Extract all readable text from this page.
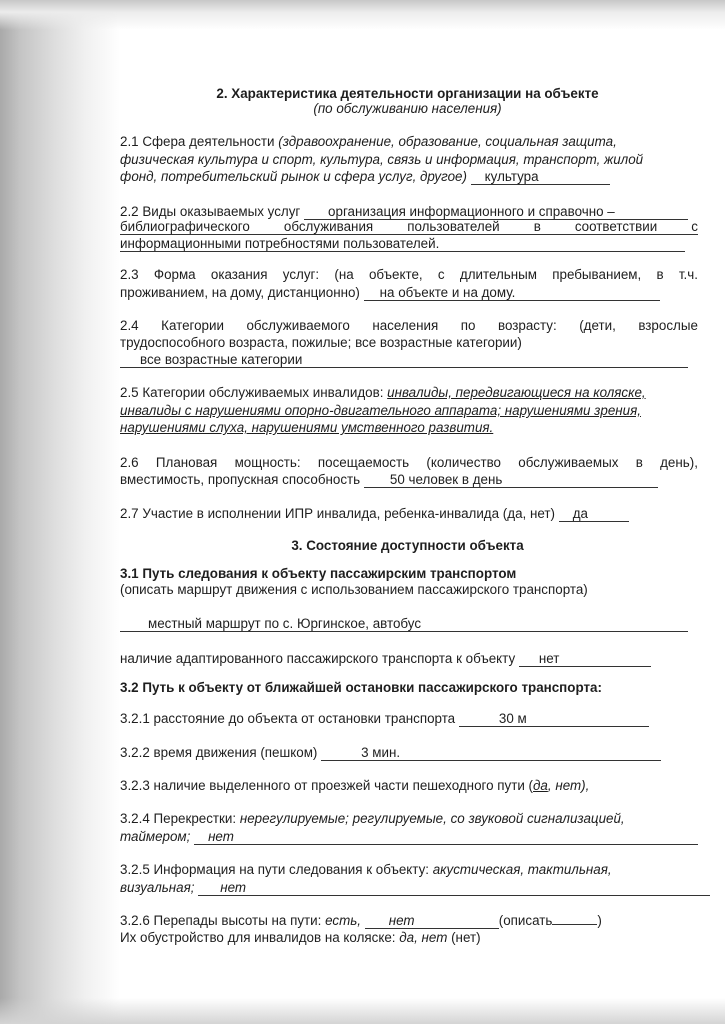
2. Характеристика деятельности организации на объекте
(по обслуживанию населения)
2.1 Сфера деятельности (здравоохранение, образование, социальная защита,
физическая культура и спорт, культура, связь и информация, транспорт, жилой
фонд, потребительский рынок и сфера услуг, другое) культура
2.2 Виды оказываемых услуг организация информационного и справочно –
библиографического	обслуживания	пользователей	в	соответствии	с
информационными потребностями пользователей.
2.3 Форма оказания услуг: (на объекте, с длительным пребыванием, в т.ч.
проживанием, на дому, дистанционно) на объекте и на дому.
2.4 Категории обслуживаемого населения по возрасту: (дети, взрослые
трудоспособного возраста, пожилые; все возрастные категории)
все возрастные категории
2.5 Категории обслуживаемых инвалидов: инвалиды, передвигающиеся на коляске,
инвалиды с нарушениями опорно-двигательного аппарата; нарушениями зрения,
нарушениями слуха, нарушениями умственного развития.
2.6 Плановая мощность: посещаемость (количество обслуживаемых в день),
вместимость, пропускная способность 50 человек в день
2.7 Участие в исполнении ИПР инвалида, ребенка-инвалида (да, нет) да
3. Состояние доступности объекта
3.1 Путь следования к объекту пассажирским транспортом
(описать маршрут движения с использованием пассажирского транспорта)
местный маршрут по с. Юргинское, автобус
наличие адаптированного пассажирского транспорта к объекту нет
3.2 Путь к объекту от ближайшей остановки пассажирского транспорта:
3.2.1 расстояние до объекта от остановки транспорта	30 м
3.2.2 время движения (пешком)	3 мин.
3.2.3 наличие выделенного от проезжей части пешеходного пути (да, нет),
3.2.4 Перекрестки: нерегулируемые; регулируемые, со звуковой сигнализацией,
таймером; нет
3.2.5 Информация на пути следования к объекту: акустическая, тактильная,
визуальная; нет
3.2.6 Перепады высоты на пути: есть, нет	(описать	)
Их обустройство для инвалидов на коляске: да, нет (нет)
